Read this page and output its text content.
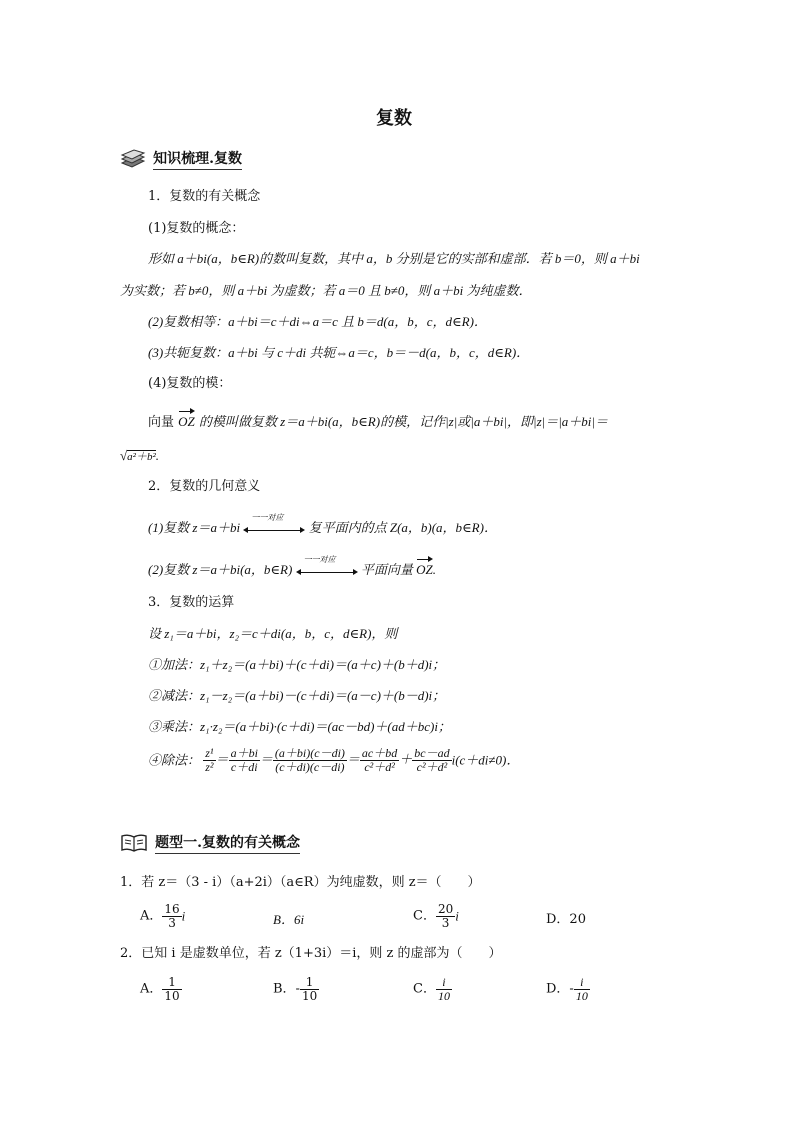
复数
知识梳理.复数
1．复数的有关概念
(1)复数的概念：
形如 a＋bi(a，b∈R)的数叫复数，其中 a，b 分别是它的实部和虚部．若 b＝0，则 a＋bi
为实数；若 b≠0，则 a＋bi 为虚数；若 a＝0 且 b≠0，则 a＋bi 为纯虚数．
(2)复数相等：a＋bi＝c＋di⇔a＝c 且 b＝d(a，b，c，d∈R)．
(3)共轭复数：a＋bi 与 c＋di 共轭⇔a＝c，b＝－d(a，b，c，d∈R)．
(4)复数的模：
向量 OZ 的模叫做复数 z＝a＋bi(a，b∈R)的模，记作|z|或|a＋bi|，即|z|＝|a＋bi|＝
√a²＋b².
2．复数的几何意义
(1)复数 z＝a＋bi
一一对应
复平面内的点 Z(a，b)(a，b∈R)．
(2)复数 z＝a＋bi(a，b∈R)
一一对应
平面向量 OZ.
3．复数的运算
设 z₁＝a＋bi，z₂＝c＋di(a，b，c，d∈R)，则
①加法：z₁＋z₂＝(a＋bi)＋(c＋di)＝(a＋c)＋(b＋d)i；
②减法：z₁－z₂＝(a＋bi)－(c＋di)＝(a－c)＋(b－d)i；
③乘法：z₁·z₂＝(a＋bi)·(c＋di)＝(ac－bd)＋(ad＋bc)i；
④除法： $\frac{\text{z¹}}{\text{z²}} = \frac{a+bi}{c+di} = \frac{(a+bi)(c-di)}{(c+di)(c-di)} = \frac{ac+bd}{\text{c²＋d²}} + \frac{bc-ad}{\text{c²＋d²}} i(c+di\ne 0)$．
题型一.复数的有关概念
1．若 z＝（3 - i）（a+2i）（a∈R）为纯虚数，则 z＝（　　）
A． $\frac{16}{3}$ i	B．6i	C． $\frac{20}{3}$ i	D．20
2．已知 i 是虚数单位，若 z（1+3i）＝i，则 z 的虚部为（　　）
A． $\frac{1}{10}$	B．- $\frac{1}{10}$	C． $\frac{i}{10}$	D．- $\frac{i}{10}$
